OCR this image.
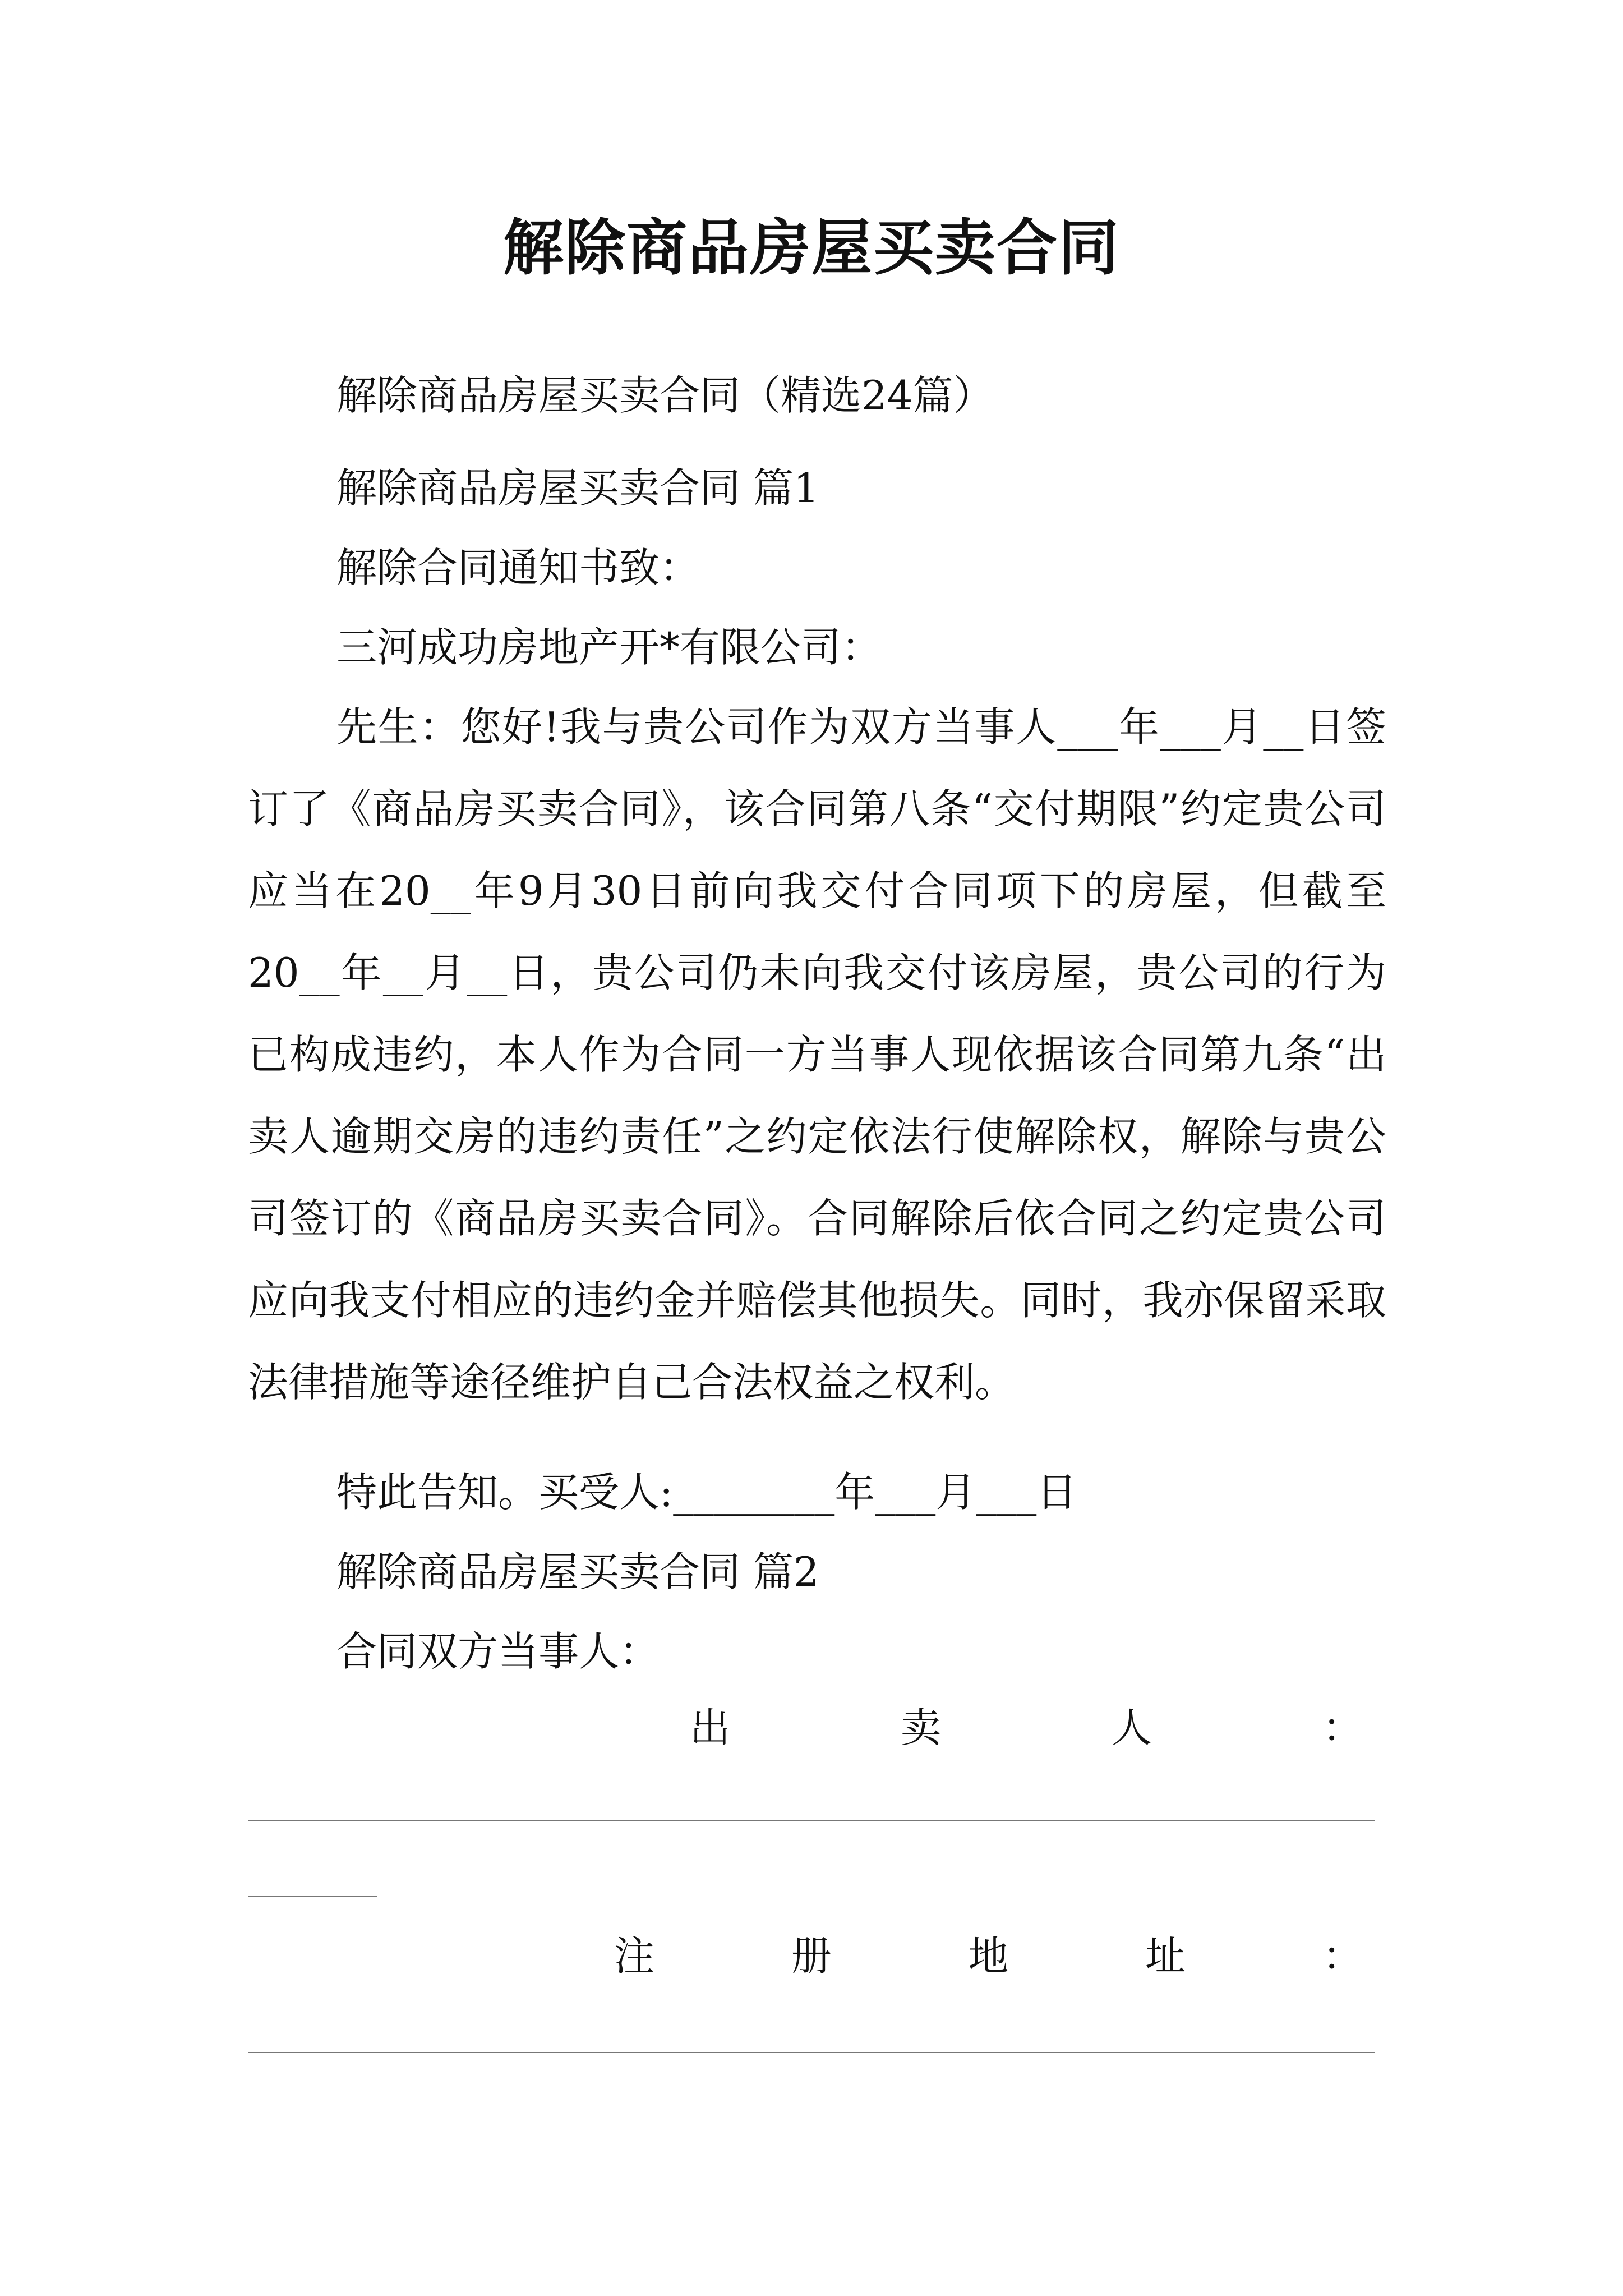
解除商品房屋买卖合同
解除商品房屋买卖合同（精选24篇）
解除商品房屋买卖合同 篇1
解除合同通知书致：
三河成功房地产开*有限公司：
先生：您好!我与贵公司作为双方当事人___年___月__日签订了《商品房买卖合同》，该合同第八条“交付期限”约定贵公司应当在20__年9月30日前向我交付合同项下的房屋，但截至20__年__月__日，贵公司仍未向我交付该房屋，贵公司的行为已构成违约，本人作为合同一方当事人现依据该合同第九条“出卖人逾期交房的违约责任”之约定依法行使解除权，解除与贵公司签订的《商品房买卖合同》。合同解除后依合同之约定贵公司应向我支付相应的违约金并赔偿其他损失。同时，我亦保留采取法律措施等途径维护自己合法权益之权利。
特此告知。买受人:________年___月___日
解除商品房屋买卖合同 篇2
合同双方当事人：
出	卖	人	：
注	册	地	址	：
